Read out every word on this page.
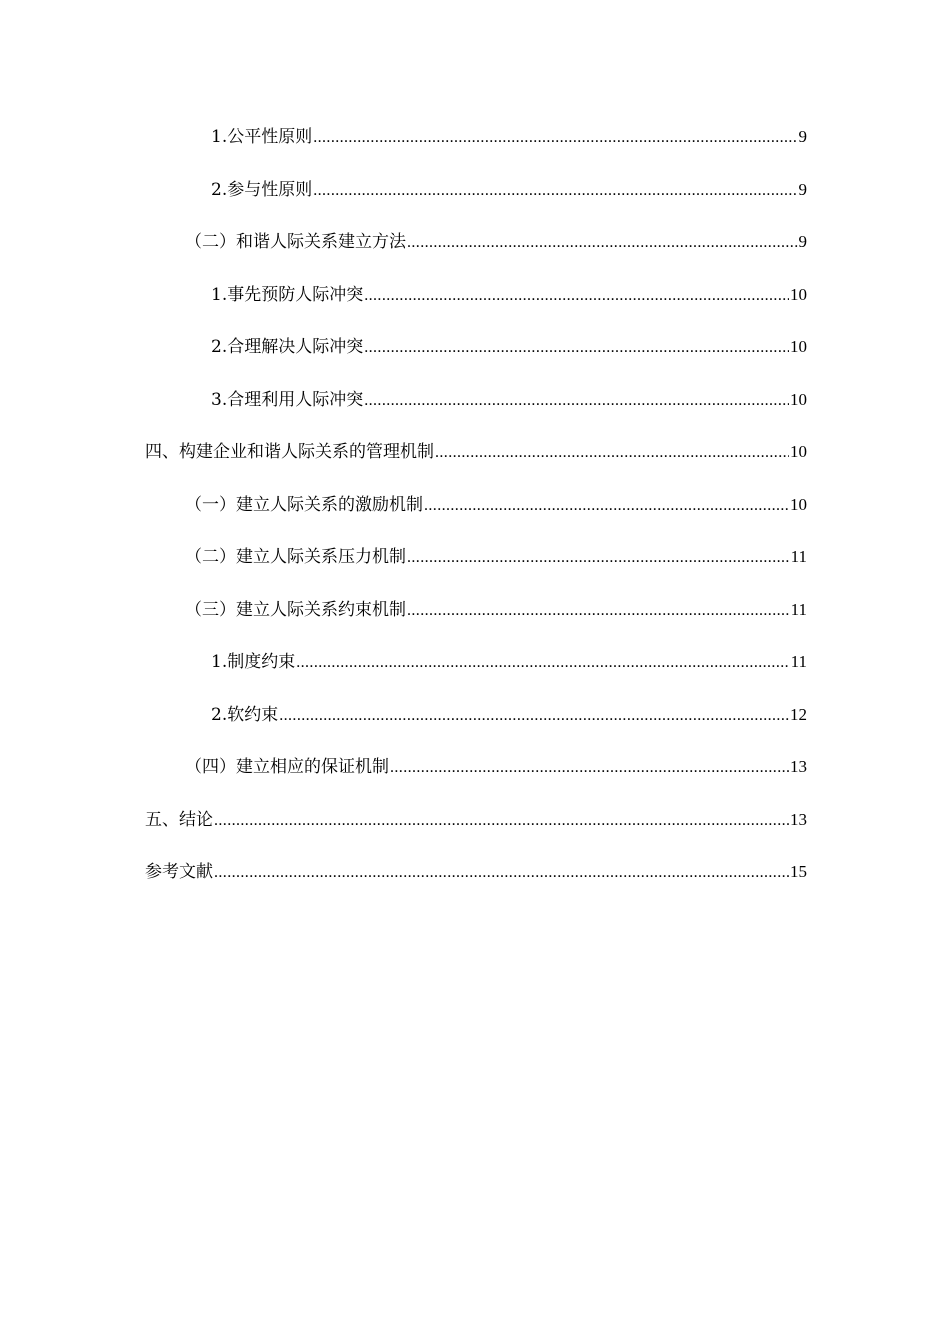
1.公平性原则 .....	9
2.参与性原则 .....	9
（二）和谐人际关系建立方法 .....	9
1.事先预防人际冲突 .....	10
2.合理解决人际冲突 .....	10
3.合理利用人际冲突 .....	10
四、构建企业和谐人际关系的管理机制 .....	10
（一）建立人际关系的激励机制 .....	10
（二）建立人际关系压力机制 .....	11
（三）建立人际关系约束机制 .....	11
1.制度约束 .....	11
2.软约束 .....	12
（四）建立相应的保证机制 .....	13
五、结论 .....	13
参考文献 .....	15
